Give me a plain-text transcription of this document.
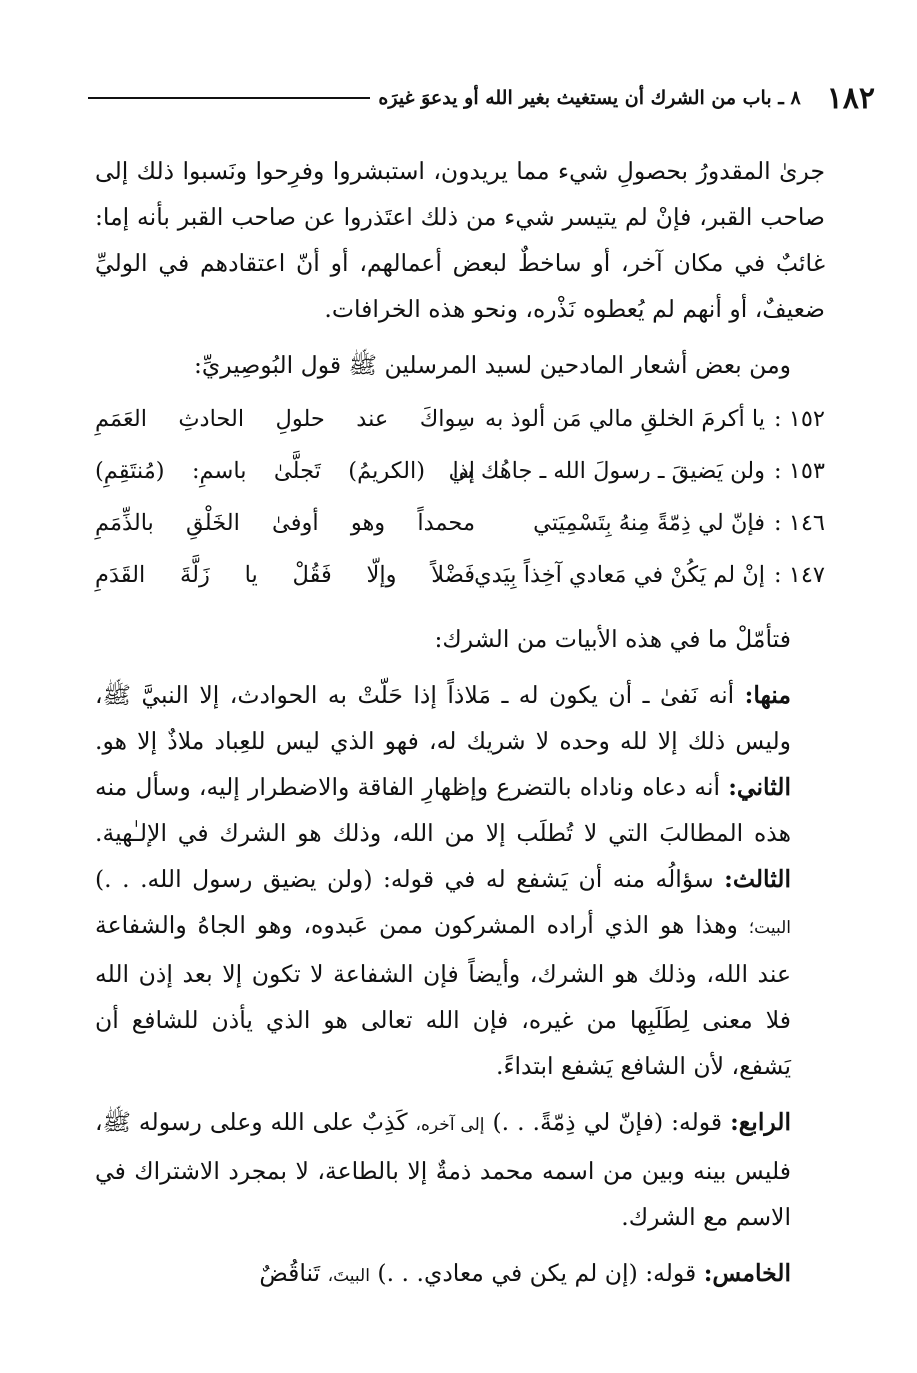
١٨٢
٨ ـ باب من الشرك أن يستغيث بغير الله أو يدعوَ غيرَه

جرىٰ المقدورُ بحصولِ شيء مما يريدون، استبشروا وفرِحوا ونَسبوا ذلك إلى صاحب القبر، فإنْ لم يتيسر شيء من ذلك اعتَذروا عن صاحب القبر بأنه إما: غائبٌ في مكان آخر، أو ساخطٌ لبعض أعمالهم، أو أنّ اعتقادهم في الوليِّ ضعيفٌ، أو أنهم لم يُعطوه نَذْره، ونحو هذه الخرافات.

ومن بعض أشعار المادحين لسيد المرسلين ﷺ قول البُوصِيريِّ:

١٥٢ :
يا أكرمَ الخلقِ مالي مَن ألوذ به
سِواكَ عند حلولِ الحادثِ العَمَمِ
١٥٣ :
ولن يَضيقَ ـ رسولَ الله ـ جاهُك بي
إذا (الكريمُ) تَجلَّىٰ باسمِ: (مُنتَقِمِ)
١٤٦ :
فإنّ لي ذِمّةً مِنهُ بِتَسْمِيَتي
محمداً وهو أوفىٰ الخَلْقِ بالذِّمَمِ
١٤٧ :
إنْ لم يَكُنْ في مَعادي آخِذاً بِيَدي
فَضْلاً وإلّا فَقُلْ يا زَلَّةَ القَدَمِ

فتأمّلْ ما في هذه الأبيات من الشرك:

منها: أنه نَفىٰ ـ أن يكون له ـ مَلاذاً إذا حَلّتْ به الحوادث، إلا النبيَّ ﷺ، وليس ذلك إلا لله وحده لا شريك له، فهو الذي ليس للعِباد ملاذٌ إلا هو. الثاني: أنه دعاه وناداه بالتضرع وإظهارِ الفاقة والاضطرار إليه، وسأل منه هذه المطالبَ التي لا تُطلَب إلا من الله، وذلك هو الشرك في الإلـٰهية. الثالث: سؤالُه منه أن يَشفع له في قوله: (ولن يضيق رسول الله. . .) البيت؛ وهذا هو الذي أراده المشركون ممن عَبدوه، وهو الجاهُ والشفاعة عند الله، وذلك هو الشرك، وأيضاً فإن الشفاعة لا تكون إلا بعد إذن الله فلا معنى لِطَلَبِها من غيره، فإن الله تعالى هو الذي يأذن للشافع أن يَشفع، لأن الشافع يَشفع ابتداءً.

الرابع: قوله: (فإنّ لي ذِمّةً. . .) إلى آخره، كَذِبٌ على الله وعلى رسوله ﷺ، فليس بينه وبين من اسمه محمد ذمةٌ إلا بالطاعة، لا بمجرد الاشتراك في الاسم مع الشرك.

الخامس: قوله: (إن لم يكن في معادي. . .) البيتَ، تَناقُضٌ
